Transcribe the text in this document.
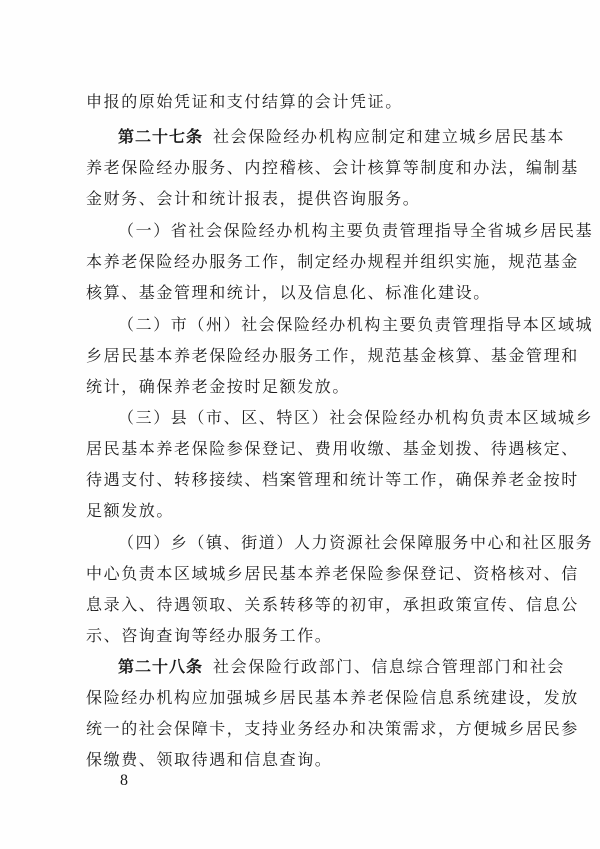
申报的原始凭证和支付结算的会计凭证。
第二十七条 社会保险经办机构应制定和建立城乡居民基本
养老保险经办服务、内控稽核、会计核算等制度和办法，编制基
金财务、会计和统计报表，提供咨询服务。
（一）省社会保险经办机构主要负责管理指导全省城乡居民基
本养老保险经办服务工作，制定经办规程并组织实施，规范基金
核算、基金管理和统计，以及信息化、标准化建设。
（二）市（州）社会保险经办机构主要负责管理指导本区域城
乡居民基本养老保险经办服务工作，规范基金核算、基金管理和
统计，确保养老金按时足额发放。
（三）县（市、区、特区）社会保险经办机构负责本区域城乡
居民基本养老保险参保登记、费用收缴、基金划拨、待遇核定、
待遇支付、转移接续、档案管理和统计等工作，确保养老金按时
足额发放。
（四）乡（镇、街道）人力资源社会保障服务中心和社区服务
中心负责本区域城乡居民基本养老保险参保登记、资格核对、信
息录入、待遇领取、关系转移等的初审，承担政策宣传、信息公
示、咨询查询等经办服务工作。
第二十八条 社会保险行政部门、信息综合管理部门和社会
保险经办机构应加强城乡居民基本养老保险信息系统建设，发放
统一的社会保障卡，支持业务经办和决策需求，方便城乡居民参
保缴费、领取待遇和信息查询。
8
